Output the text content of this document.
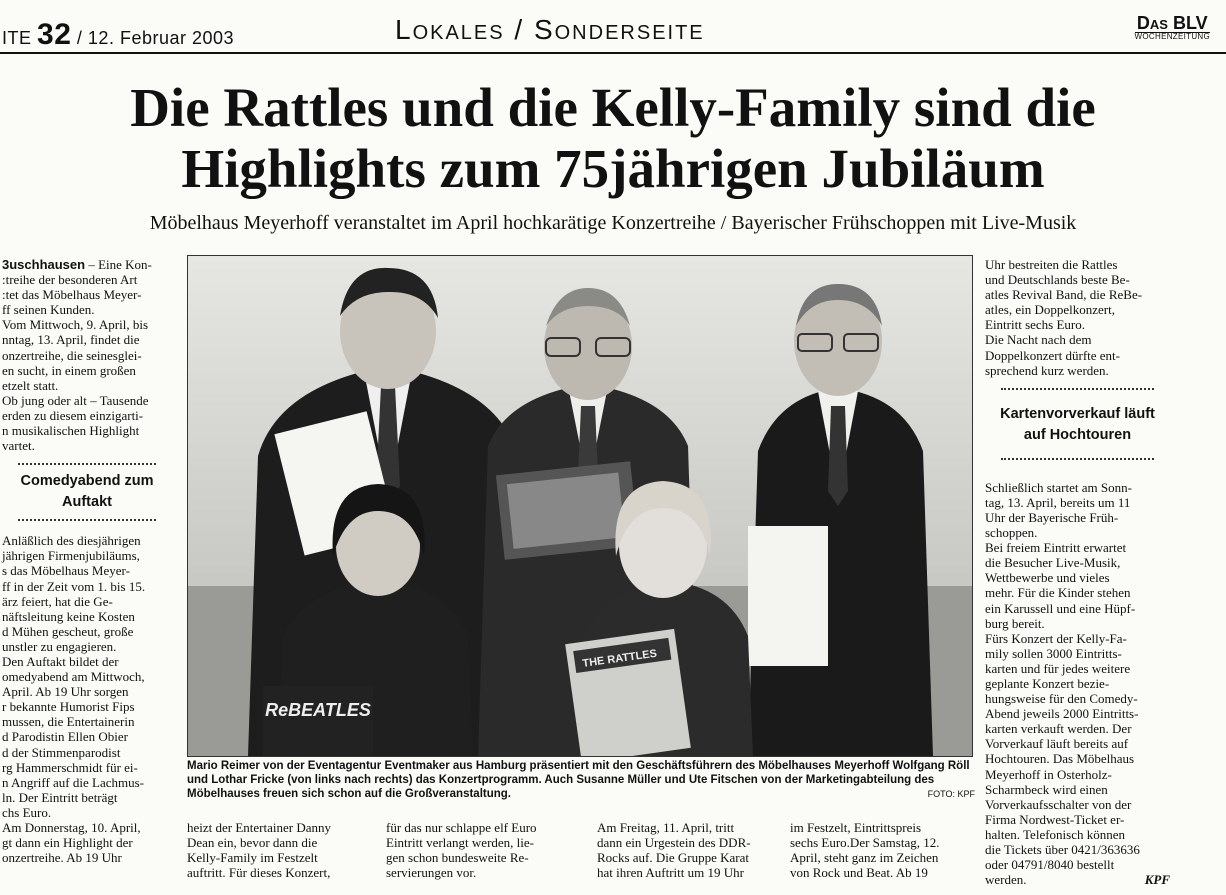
ITE 32 / 12. Februar 2003	Lokales / Sonderseite	Das BLV
WOCHENZEITUNG
Die Rattles und die Kelly-Family sind die
Highlights zum 75jährigen Jubiläum
Möbelhaus Meyerhoff veranstaltet im April hochkarätige Konzertreihe / Bayerischer Frühschoppen mit Live-Musik

3uschhausen – Eine Kon-

:treihe der besonderen Art

:tet das Möbelhaus Meyer-

ff seinen Kunden.

Vom Mittwoch, 9. April, bis

nntag, 13. April, findet die

onzertreihe, die seinesglei-

en sucht, in einem großen

etzelt statt.

Ob jung oder alt – Tausende

erden zu diesem einzigarti-

n musikalischen Highlight

vartet.

Comedyabend zum Auftakt

Anläßlich des diesjährigen

jährigen Firmenjubiläums,

s das Möbelhaus Meyer-

ff in der Zeit vom 1. bis 15.

ärz feiert, hat die Ge-

näftsleitung keine Kosten

d Mühen gescheut, große

unstler zu engagieren.

Den Auftakt bildet der

omedyabend am Mittwoch,

April. Ab 19 Uhr sorgen

r bekannte Humorist Fips

mussen, die Entertainerin

d Parodistin Ellen Obier

d der Stimmenparodist

rg Hammerschmidt für ei-

n Angriff auf die Lachmus-

ln. Der Eintritt beträgt

chs Euro.

Am Donnerstag, 10. April,

gt dann ein Highlight der

onzertreihe. Ab 19 Uhr

ReBEATLES
THE RATTLES
Mario Reimer von der Eventagentur Eventmaker aus Hamburg präsentiert mit den Geschäftsführern des Möbelhauses Meyerhoff Wolfgang Röll und Lothar Fricke (von links nach rechts) das Konzertprogramm. Auch Susanne Müller und Ute Fitschen von der Marketingabteilung des Möbelhauses freuen sich schon auf die Großveranstaltung.	FOTO: KPF

Uhr bestreiten die Rattles

und Deutschlands beste Be-

atles Revival Band, die ReBe-

atles, ein Doppelkonzert,

Eintritt sechs Euro.

Die Nacht nach dem

Doppelkonzert dürfte ent-

sprechend kurz werden.

Kartenvorverkauf läuft auf Hochtouren

Schließlich startet am Sonn-

tag, 13. April, bereits um 11

Uhr der Bayerische Früh-

schoppen.

Bei freiem Eintritt erwartet

die Besucher Live-Musik,

Wettbewerbe und vieles

mehr. Für die Kinder stehen

ein Karussell und eine Hüpf-

burg bereit.

Fürs Konzert der Kelly-Fa-

mily sollen 3000 Eintritts-

karten und für jedes weitere

geplante Konzert bezie-

hungsweise für den Comedy-

Abend jeweils 2000 Eintritts-

karten verkauft werden. Der

Vorverkauf läuft bereits auf

Hochtouren. Das Möbelhaus

Meyerhoff in Osterholz-

Scharmbeck wird einen

Vorverkaufsschalter von der

Firma Nordwest-Ticket er-

halten. Telefonisch können

die Tickets über 0421/363636

oder 04791/8040 bestellt

werden.	KPF

heizt der Entertainer Danny

Dean ein, bevor dann die

Kelly-Family im Festzelt

auftritt. Für dieses Konzert,

für das nur schlappe elf Euro

Eintritt verlangt werden, lie-

gen schon bundesweite Re-

servierungen vor.

Am Freitag, 11. April, tritt

dann ein Urgestein des DDR-

Rocks auf. Die Gruppe Karat

hat ihren Auftritt um 19 Uhr

im Festzelt, Eintrittspreis

sechs Euro.Der Samstag, 12.

April, steht ganz im Zeichen

von Rock und Beat. Ab 19
